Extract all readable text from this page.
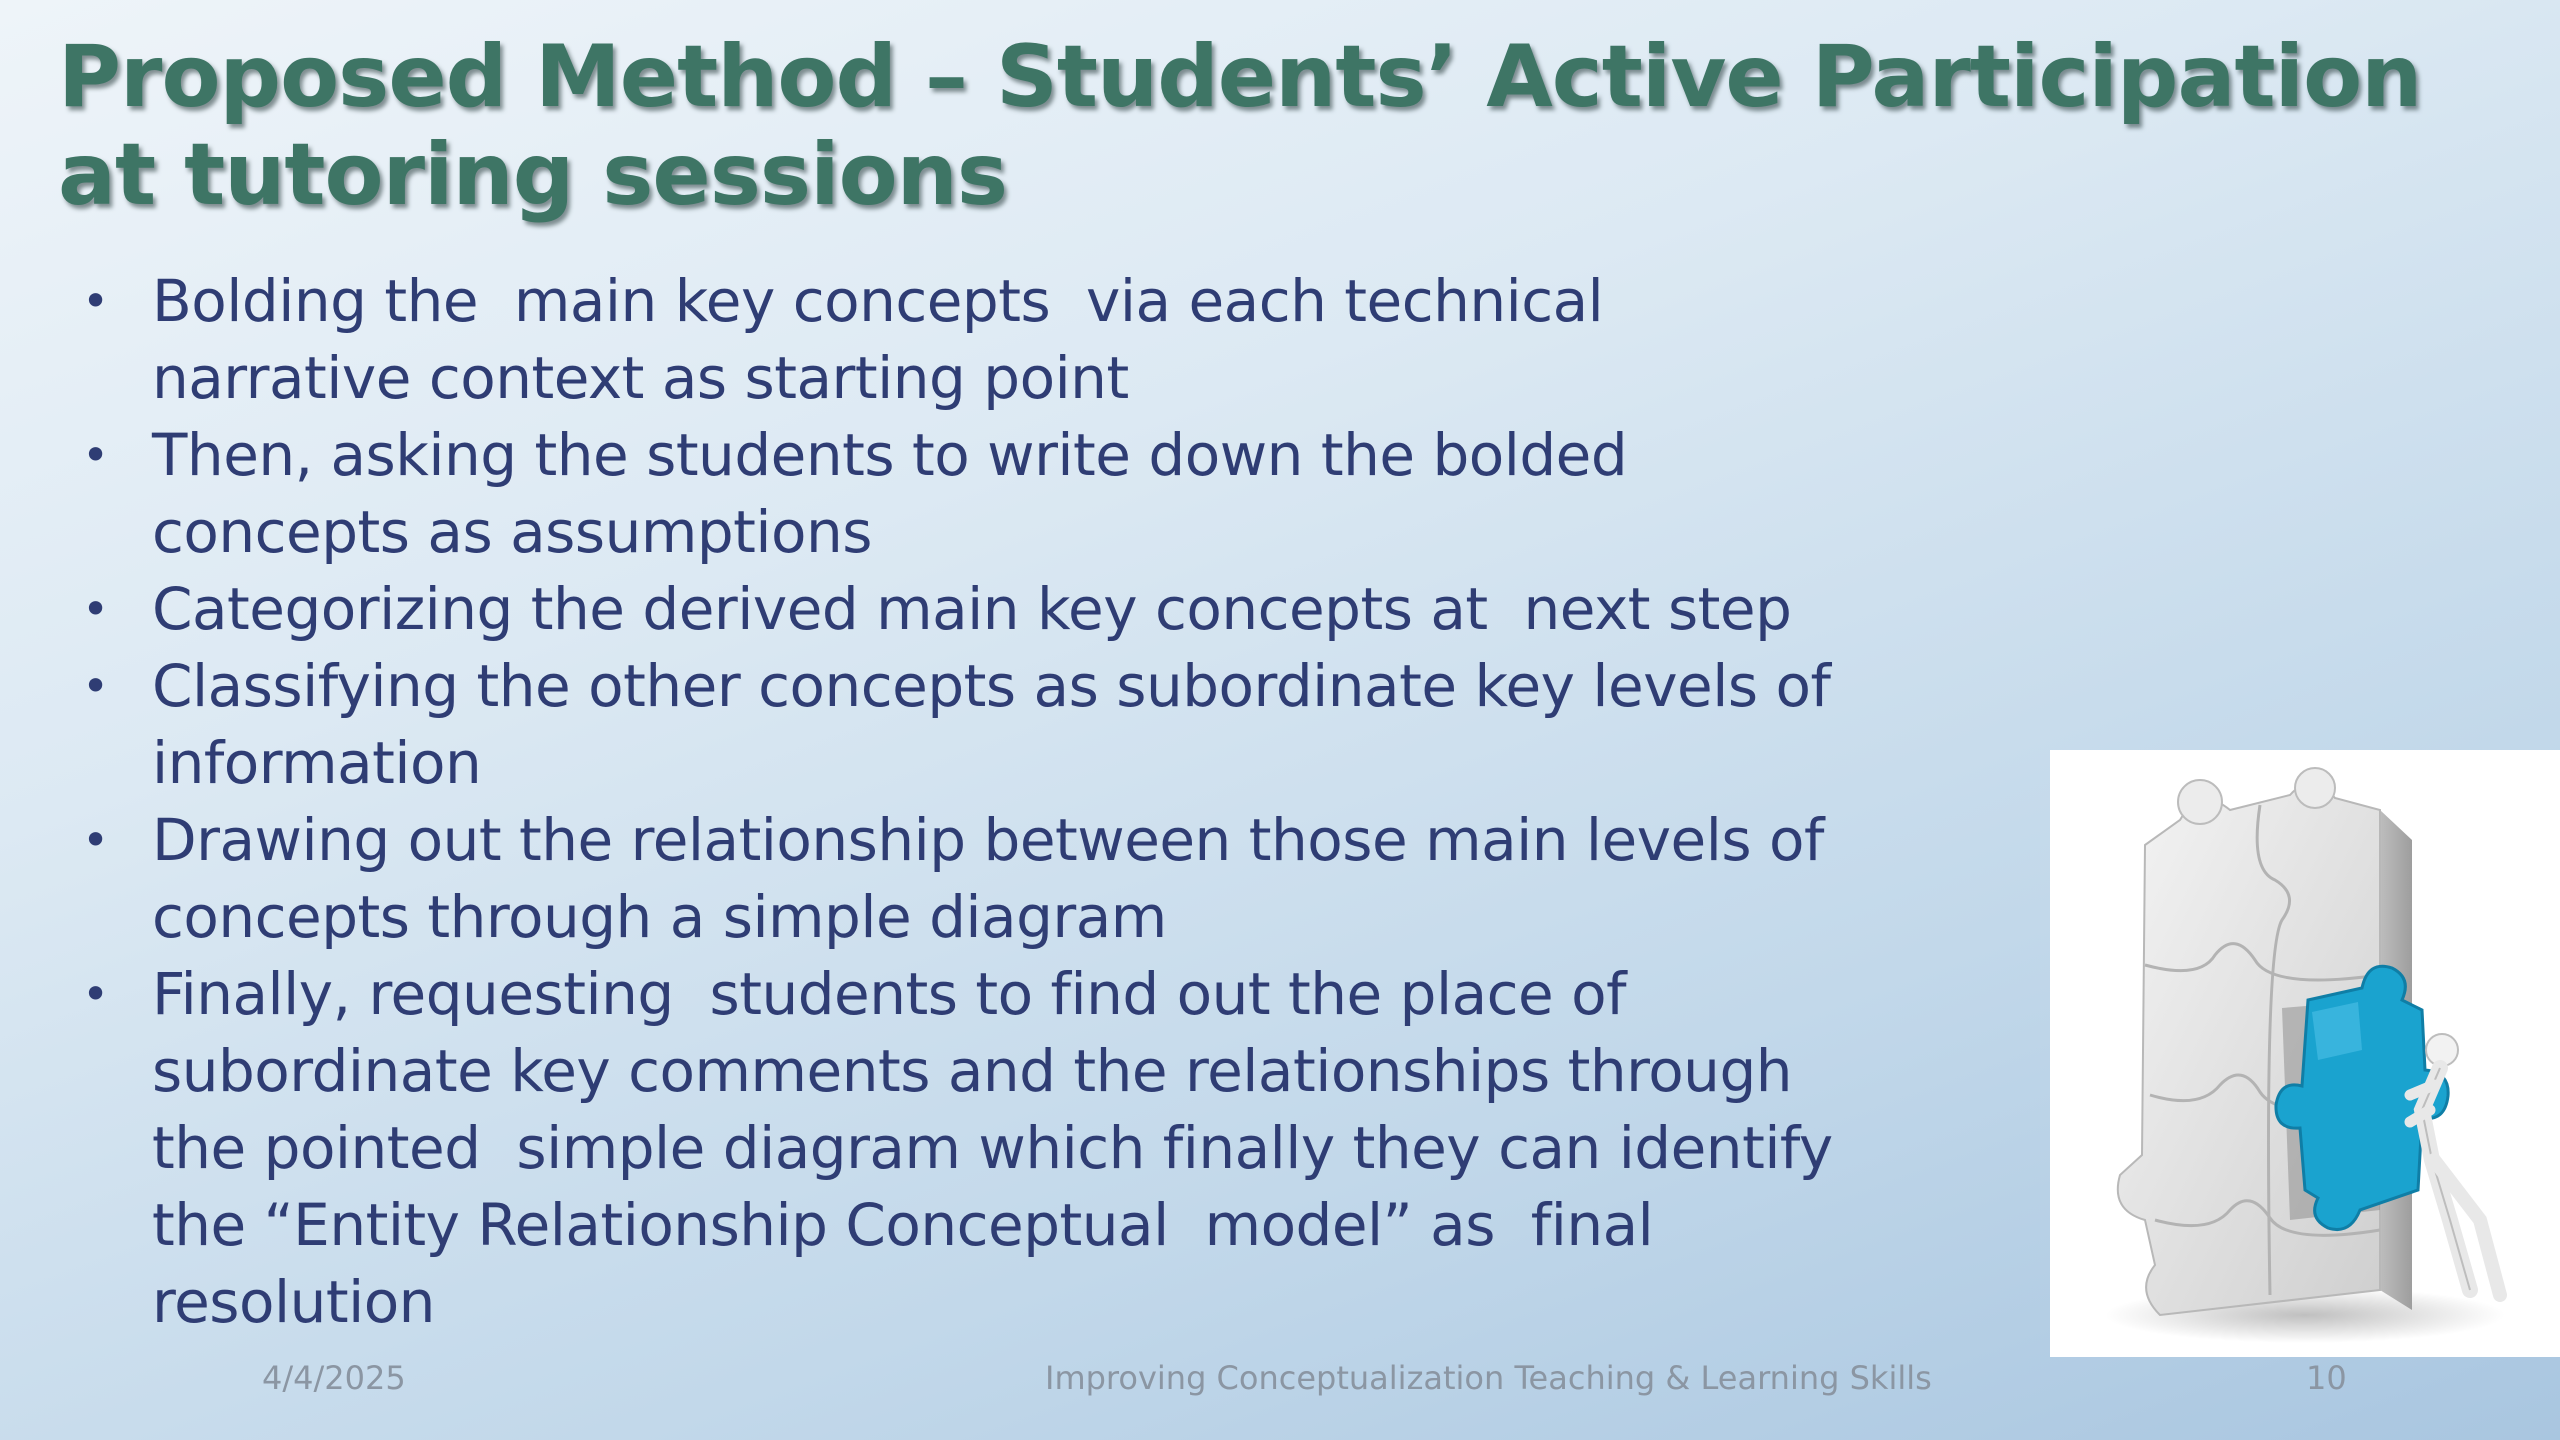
Proposed Method – Students’ Active Participation
at tutoring sessions
• Bolding the  main key concepts  via each technical
narrative context as starting point
• Then, asking the students to write down the bolded
concepts as assumptions
• Categorizing the derived main key concepts at  next step
• Classifying the other concepts as subordinate key levels of
information
• Drawing out the relationship between those main levels of
concepts through a simple diagram
• Finally, requesting  students to find out the place of
subordinate key comments and the relationships through
the pointed  simple diagram which finally they can identify
the “Entity Relationship Conceptual  model” as  final
resolution
4/4/2025	Improving Conceptualization Teaching & Learning Skills	10
